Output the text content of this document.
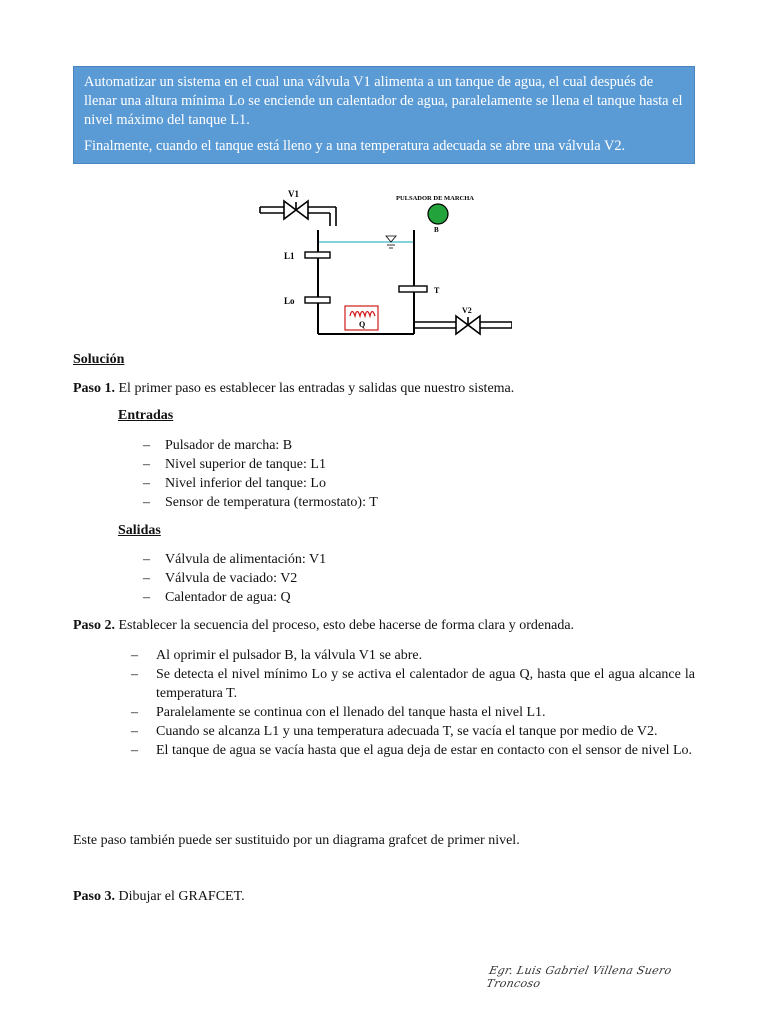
Automatizar un sistema en el cual una válvula V1 alimenta a un tanque de agua, el cual después de llenar una altura mínima Lo se enciende un calentador de agua, paralelamente se llena el tanque hasta el nivel máximo del tanque L1.

Finalmente, cuando el tanque está lleno y a una temperatura adecuada se abre una válvula V2.

V1
L1
Lo
T
Q
V2
PULSADOR DE MARCHA
B
Solución
Paso 1. El primer paso es establecer las entradas y salidas que nuestro sistema.
Entradas
– Pulsador de marcha: B
– Nivel superior de tanque: L1
– Nivel inferior del tanque: Lo
– Sensor de temperatura (termostato): T
Salidas
– Válvula de alimentación: V1
– Válvula de vaciado: V2
– Calentador de agua: Q
Paso 2. Establecer la secuencia del proceso, esto debe hacerse de forma clara y ordenada.
– Al oprimir el pulsador B, la válvula V1 se abre.
– Se detecta el nivel mínimo Lo y se activa el calentador de agua Q, hasta que el agua alcance la temperatura T.
– Paralelamente se continua con el llenado del tanque hasta el nivel L1.
– Cuando se alcanza L1 y una temperatura adecuada T, se vacía el tanque por medio de V2.
– El tanque de agua se vacía hasta que el agua deja de estar en contacto con el sensor de nivel Lo.
Este paso también puede ser sustituido por un diagrama grafcet de primer nivel.
Paso 3. Dibujar el GRAFCET.
Egr. Luis Gabriel Villena Suero Troncoso
